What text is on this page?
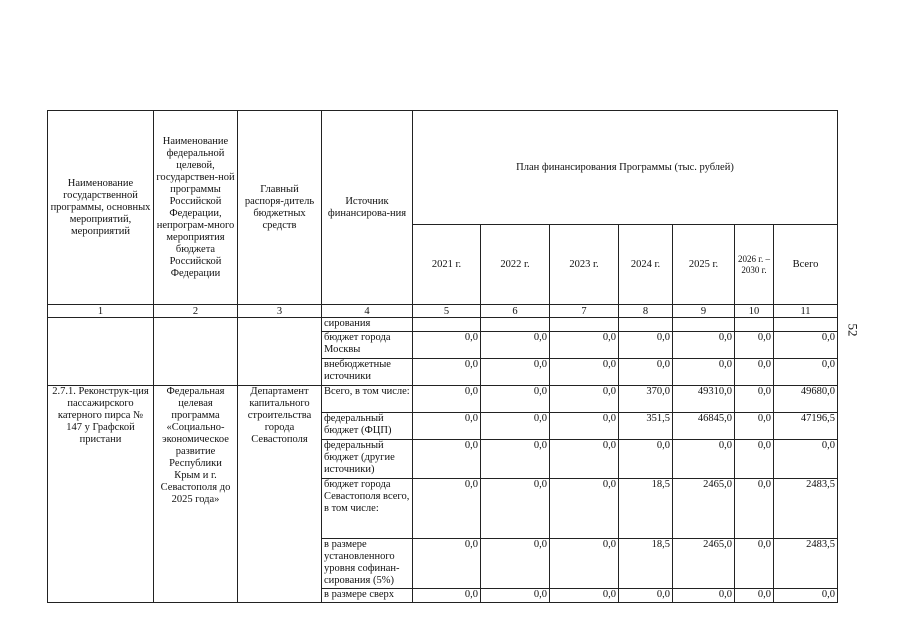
52
Наименование государственной программы, основных мероприятий, мероприятий	Наименование федеральной целевой, государствен-ной программы Российской Федерации, непрограм-много мероприятия бюджета Российской Федерации	Главный распоря-дитель бюджетных средств	Источник финансирова-ния	План финансирования Программы (тыс. рублей)						
				2021 г.	2022 г.	2023 г.	2024 г.	2025 г.	2026 г. – 2030 г.	Всего
1	2	3	4	5	6	7	8	9	10	11
			сирования							
			бюджет города Москвы	0,0	0,0	0,0	0,0	0,0	0,0	0,0
			внебюджетные источники	0,0	0,0	0,0	0,0	0,0	0,0	0,0
2.7.1. Реконструк-ция пассажирского катерного пирса № 147 у Графской пристани	Федеральная целевая программа «Социально-экономическое развитие Республики Крым и г. Севастополя до 2025 года»	Департамент капитального строительства города Севастополя	Всего, в том числе:	0,0	0,0	0,0	370,0	49310,0	0,0	49680,0
			федеральный бюджет (ФЦП)	0,0	0,0	0,0	351,5	46845,0	0,0	47196,5
			федеральный бюджет (другие источники)	0,0	0,0	0,0	0,0	0,0	0,0	0,0
			бюджет города Севастополя всего, в том числе:	0,0	0,0	0,0	18,5	2465,0	0,0	2483,5
			в размере установленного уровня софинан-сирования (5%)	0,0	0,0	0,0	18,5	2465,0	0,0	2483,5
			в размере сверх	0,0	0,0	0,0	0,0	0,0	0,0	0,0
